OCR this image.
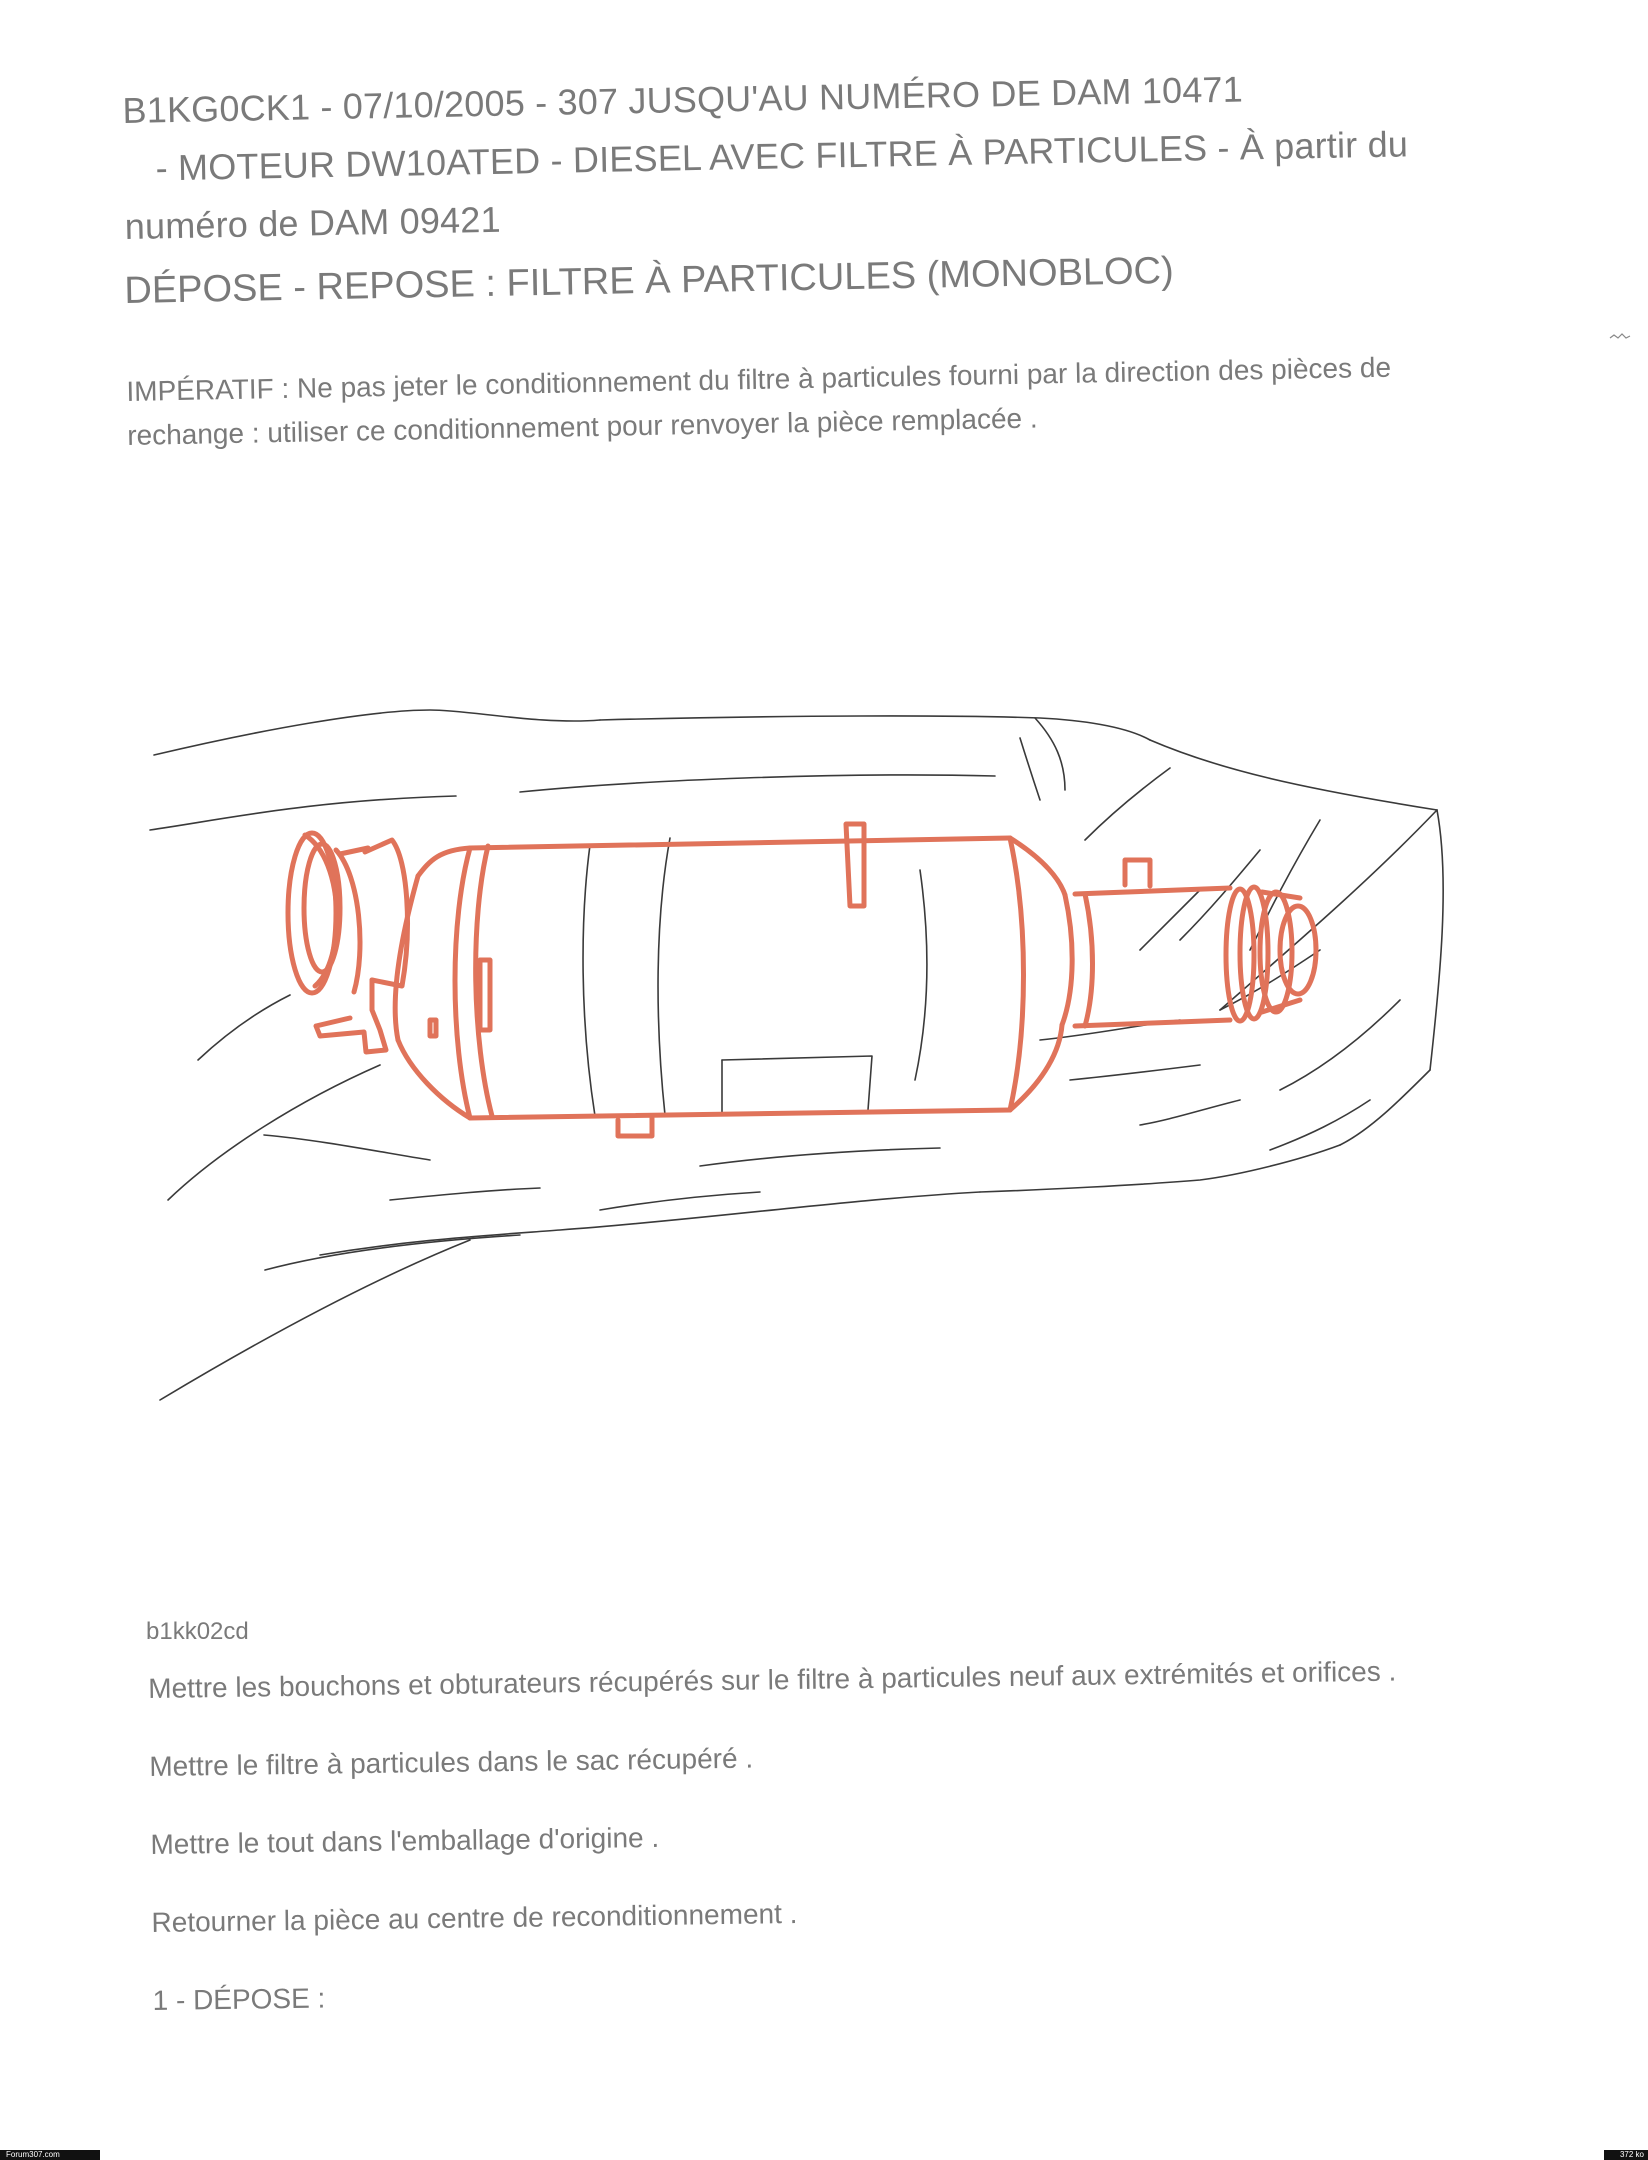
B1KG0CK1 - 07/10/2005 - 307 JUSQU'AU NUMÉRO DE DAM 10471
- MOTEUR DW10ATED - DIESEL AVEC FILTRE À PARTICULES - À partir du
numéro de DAM 09421
DÉPOSE - REPOSE : FILTRE À PARTICULES (MONOBLOC)
IMPÉRATIF : Ne pas jeter le conditionnement du filtre à particules fourni par la direction des pièces de
rechange : utiliser ce conditionnement pour renvoyer la pièce remplacée .
b1kk02cd
Mettre les bouchons et obturateurs récupérés sur le filtre à particules neuf aux extrémités et orifices .
Mettre le filtre à particules dans le sac récupéré .
Mettre le tout dans l'emballage d'origine .
Retourner la pièce au centre de reconditionnement .
1 - DÉPOSE :
Forum307.com	372 ko
